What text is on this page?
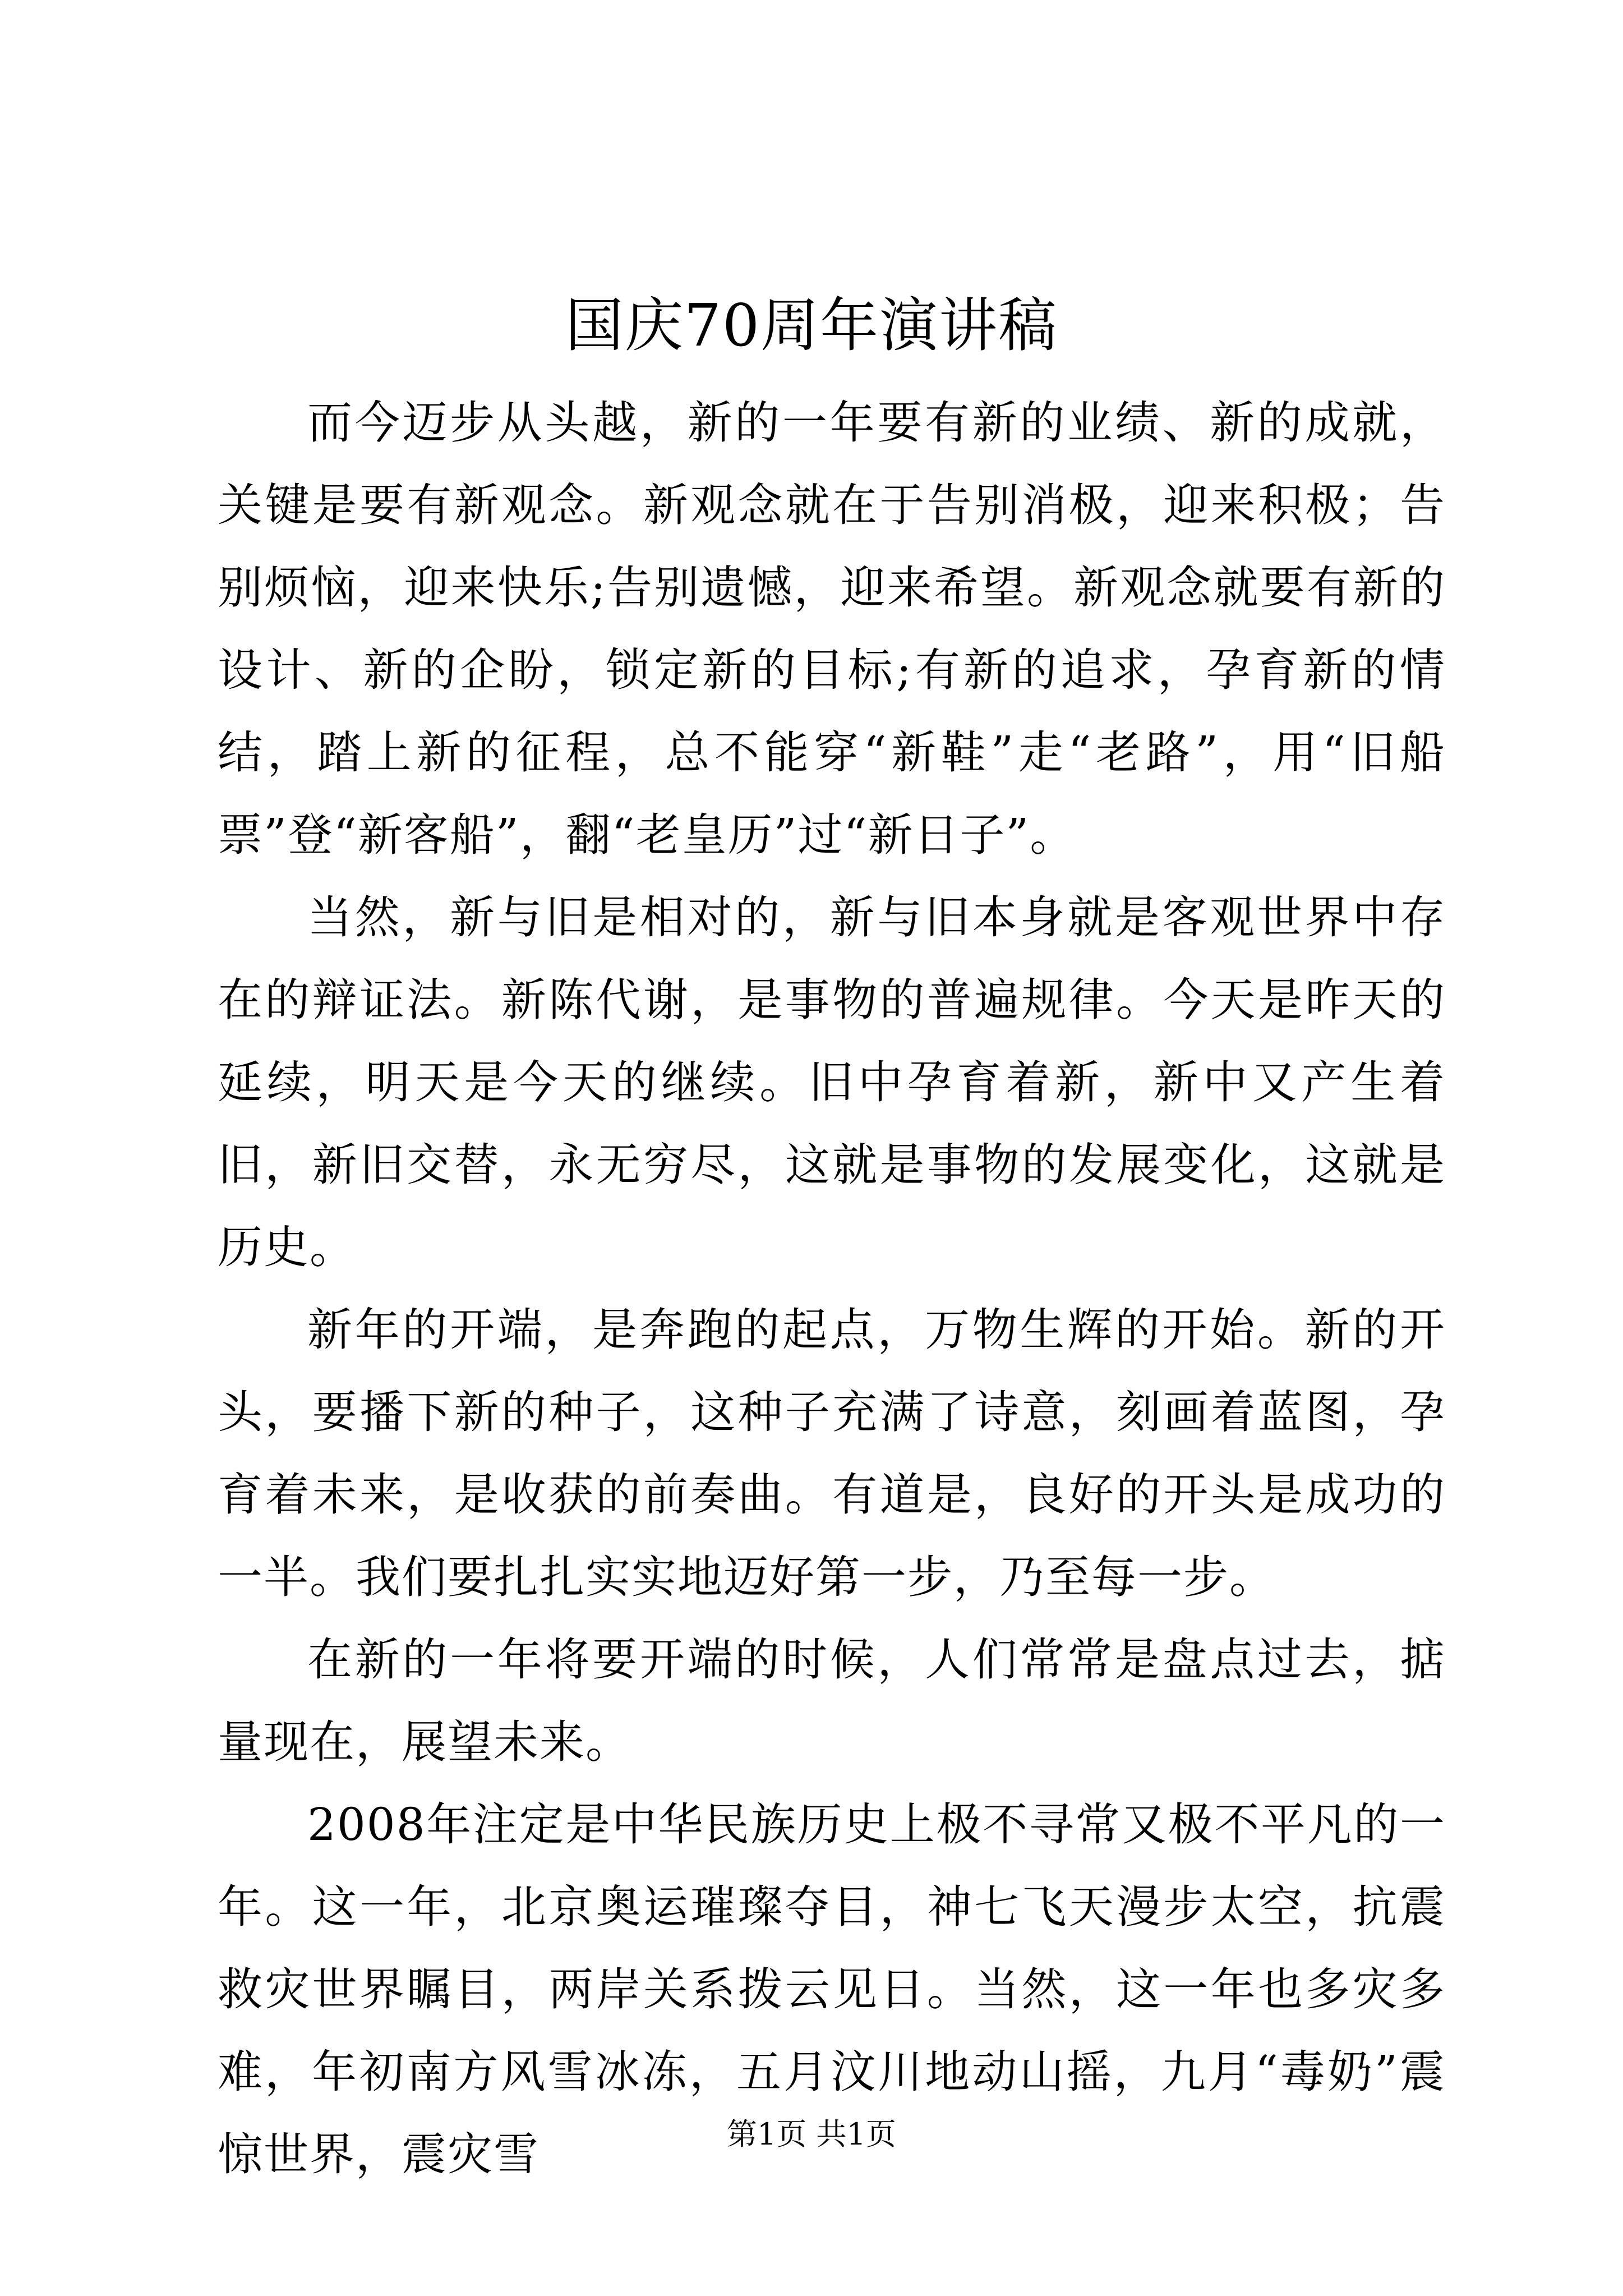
国庆70周年演讲稿

而今迈步从头越，新的一年要有新的业绩、新的成就，关键是要有新观念。新观念就在于告别消极，迎来积极；告别烦恼，迎来快乐;告别遗憾，迎来希望。新观念就要有新的设计、新的企盼，锁定新的目标;有新的追求，孕育新的情结，踏上新的征程，总不能穿“新鞋”走“老路”，用“旧船票”登“新客船”，翻“老皇历”过“新日子”。

当然，新与旧是相对的，新与旧本身就是客观世界中存在的辩证法。新陈代谢，是事物的普遍规律。今天是昨天的延续，明天是今天的继续。旧中孕育着新，新中又产生着旧，新旧交替，永无穷尽，这就是事物的发展变化，这就是历史。

新年的开端，是奔跑的起点，万物生辉的开始。新的开头，要播下新的种子，这种子充满了诗意，刻画着蓝图，孕育着未来，是收获的前奏曲。有道是，良好的开头是成功的一半。我们要扎扎实实地迈好第一步，乃至每一步。

在新的一年将要开端的时候，人们常常是盘点过去，掂量现在，展望未来。

2008年注定是中华民族历史上极不寻常又极不平凡的一年。这一年，北京奥运璀璨夺目，神七飞天漫步太空，抗震救灾世界瞩目，两岸关系拨云见日。当然，这一年也多灾多难，年初南方风雪冰冻，五月汶川地动山摇，九月“毒奶”震惊世界，震灾雪	第1页 共1页
